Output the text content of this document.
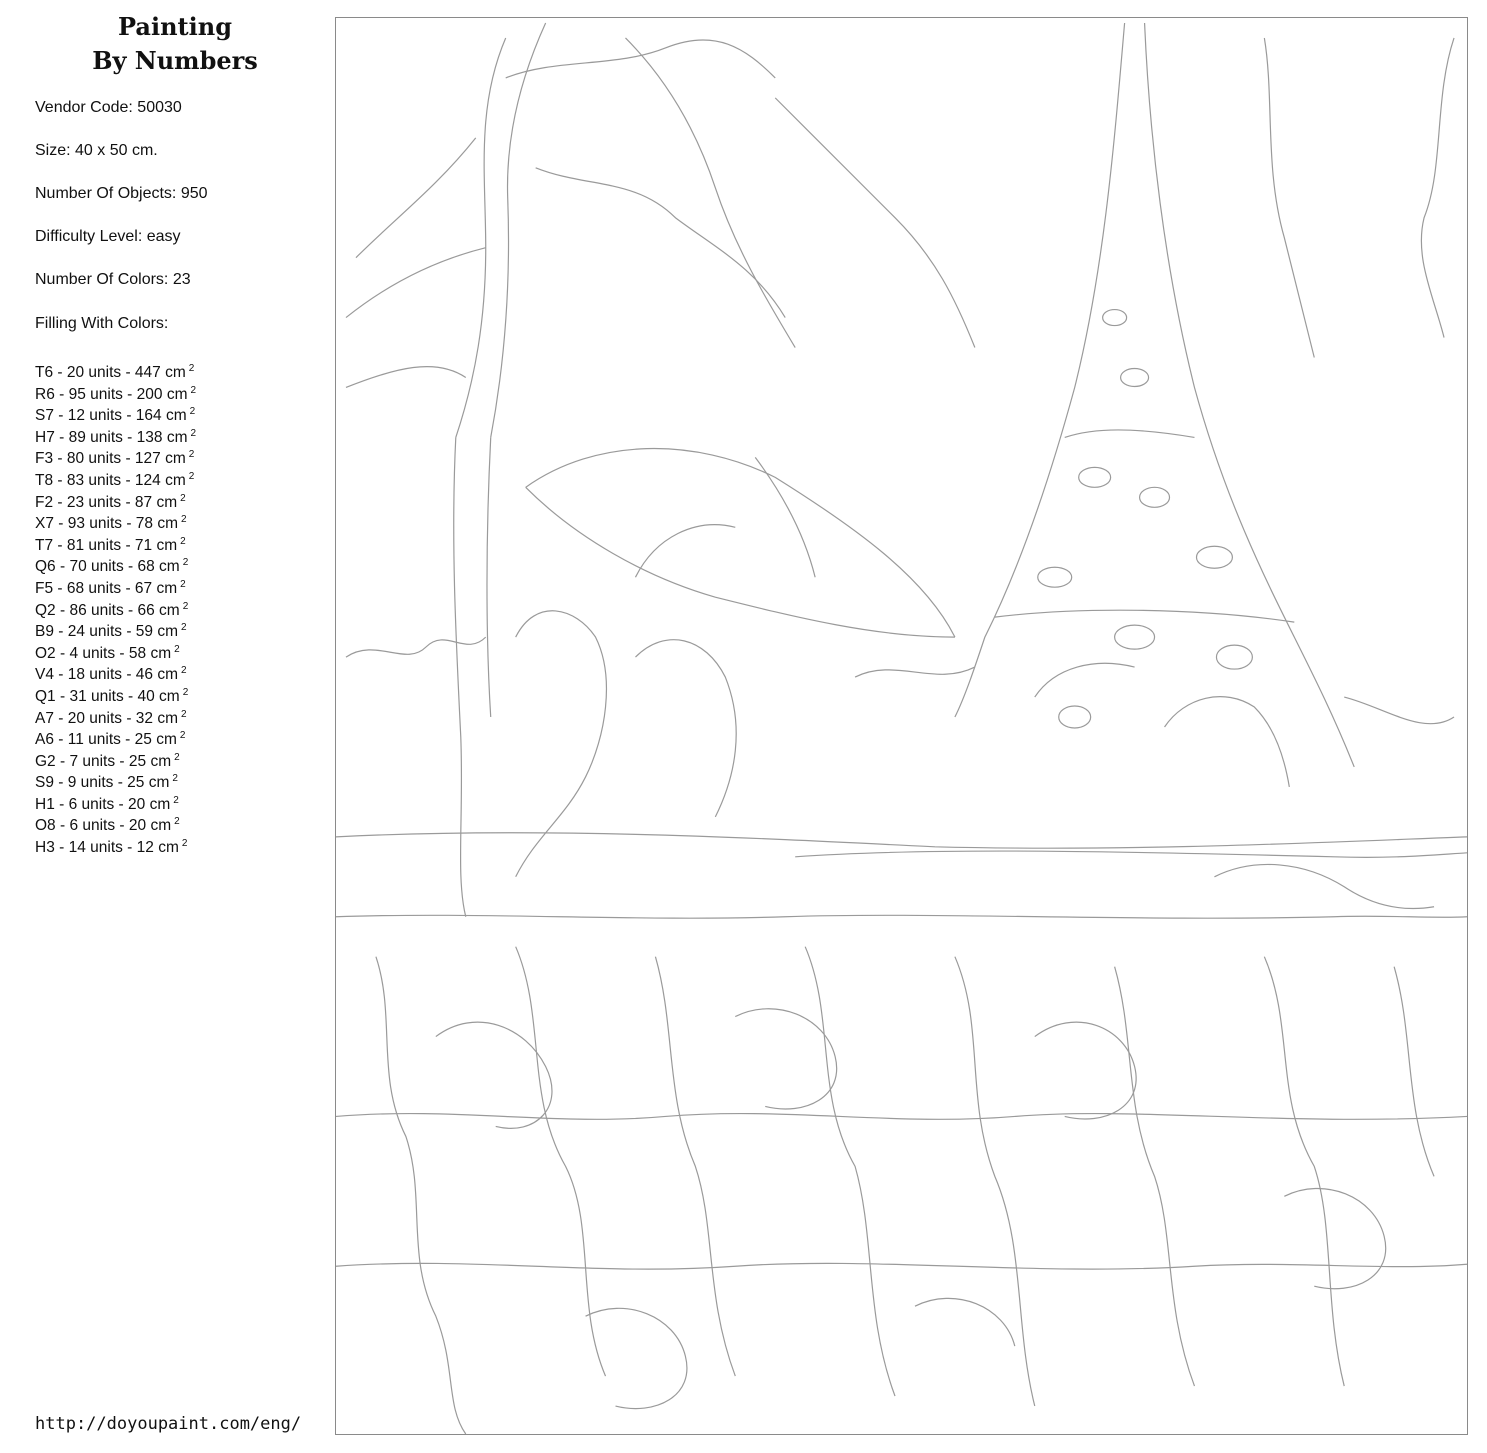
Painting
By Numbers
Vendor Code: 50030
Size: 40 x 50 cm.
Number Of Objects: 950
Difficulty Level: easy
Number Of Colors: 23
Filling With Colors:
T6 - 20 units - 447 cm $^2$
R6 - 95 units - 200 cm $^2$
S7 - 12 units - 164 cm $^2$
H7 - 89 units - 138 cm $^2$
F3 - 80 units - 127 cm $^2$
T8 - 83 units - 124 cm $^2$
F2 - 23 units - 87 cm $^2$
X7 - 93 units - 78 cm $^2$
T7 - 81 units - 71 cm $^2$
Q6 - 70 units - 68 cm $^2$
F5 - 68 units - 67 cm $^2$
Q2 - 86 units - 66 cm $^2$
B9 - 24 units - 59 cm $^2$
O2 - 4 units - 58 cm $^2$
V4 - 18 units - 46 cm $^2$
Q1 - 31 units - 40 cm $^2$
A7 - 20 units - 32 cm $^2$
A6 - 11 units - 25 cm $^2$
G2 - 7 units - 25 cm $^2$
S9 - 9 units - 25 cm $^2$
H1 - 6 units - 20 cm $^2$
O8 - 6 units - 20 cm $^2$
H3 - 14 units - 12 cm $^2$
http://doyoupaint.com/eng/
